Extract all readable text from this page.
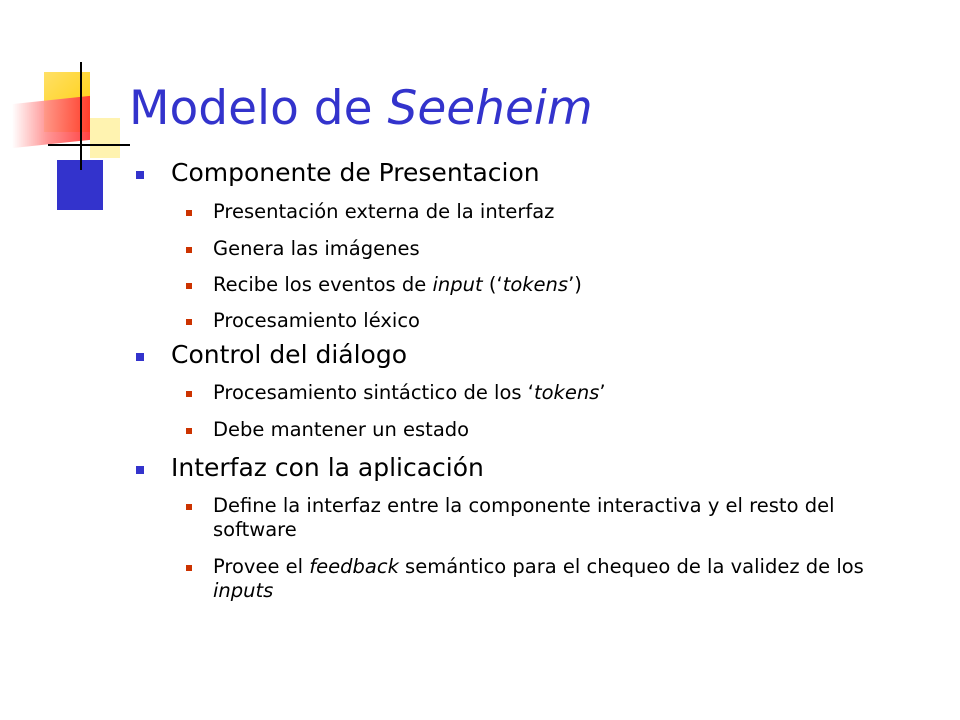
Modelo de Seeheim
Componente de Presentacion
Presentación externa de la interfaz
Genera las imágenes
Recibe los eventos de input (‘tokens’)
Procesamiento léxico
Control del diálogo
Procesamiento sintáctico de los ‘tokens’
Debe mantener un estado
Interfaz con la aplicación
Define la interfaz entre la componente interactiva y el resto del software
Provee el feedback semántico para el chequeo de la validez de los inputs
